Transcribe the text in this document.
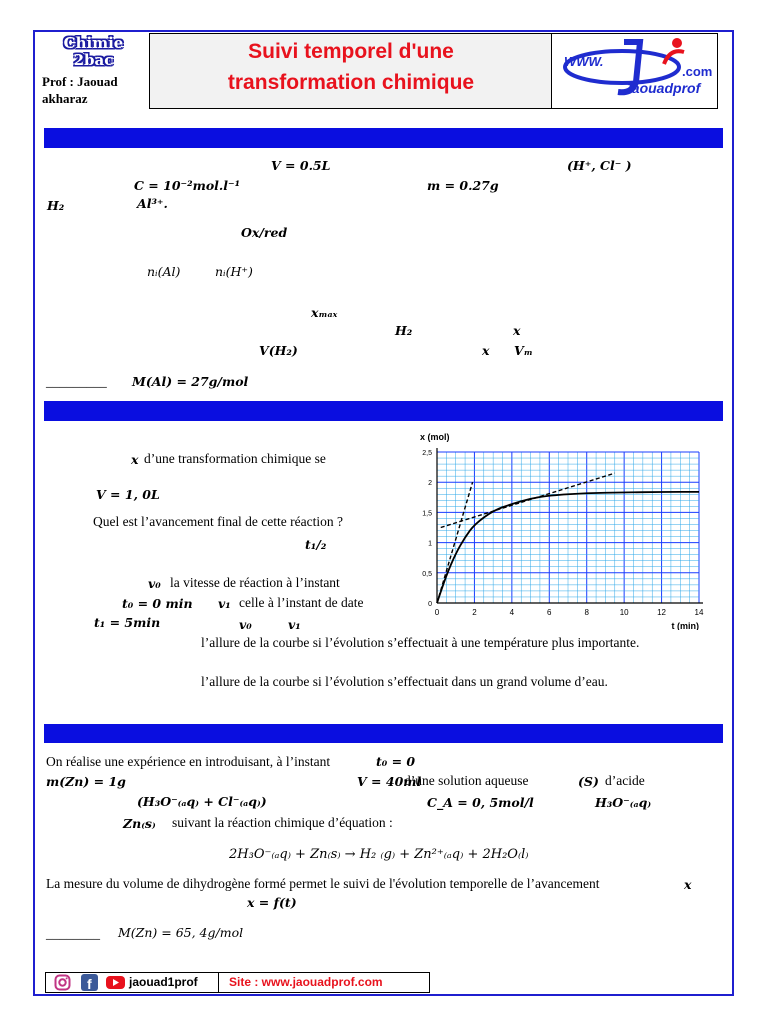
Chimie
2bac
Prof : Jaouad
akharaz
Suivi temporel d'une
transformation chimique
WWW.
.com
Jaouadprof
V = 0.5L	(H⁺, Cl⁻ )
C = 10⁻²mol.l⁻¹	m = 0.27g
H₂	Al³⁺.
Ox/red
nᵢ(Al)	nᵢ(H⁺)
xₘₐₓ
H₂	x
V(H₂)	x Vₘ
_________ M(Al) = 27g/mol
x d’une transformation chimique se
V = 1, 0L
Quel est l’avancement final de cette réaction ?
t₁/₂
v₀ la vitesse de réaction à l’instant
t₀ = 0 min v₁ celle à l’instant de date
t₁ = 5min	v₀	v₁
l’allure de la courbe si l’évolution s’effectuait à une température plus importante.
l’allure de la courbe si l’évolution s’effectuait dans un grand volume d’eau.
0	2	4	6	8	10	12	14
0
0,5
1
1,5
2
2,5
x (mol)
t (min)
On réalise une expérience en introduisant, à l’instant	t₀ = 0
m(Zn) = 1g	V = 40ml
d’une solution aqueuse	(S) d’acide
(H₃O⁻₍ₐq₎ + Cl⁻₍ₐq₎)	C_A = 0, 5mol/l	H₃O⁻₍ₐq₎
Zn₍s₎ suivant la réaction chimique d’équation :
2H₃O⁻₍ₐq₎ + Zn₍s₎ → H₂ ₍g₎ + Zn²⁺₍ₐq₎ + 2H₂O₍l₎
La mesure du volume de dihydrogène formé permet le suivi de l'évolution temporelle de l’avancement	x
x = f(t)
________ M(Zn) = 65, 4g/mol
f	jaouad1prof	Site : www.jaouadprof.com
